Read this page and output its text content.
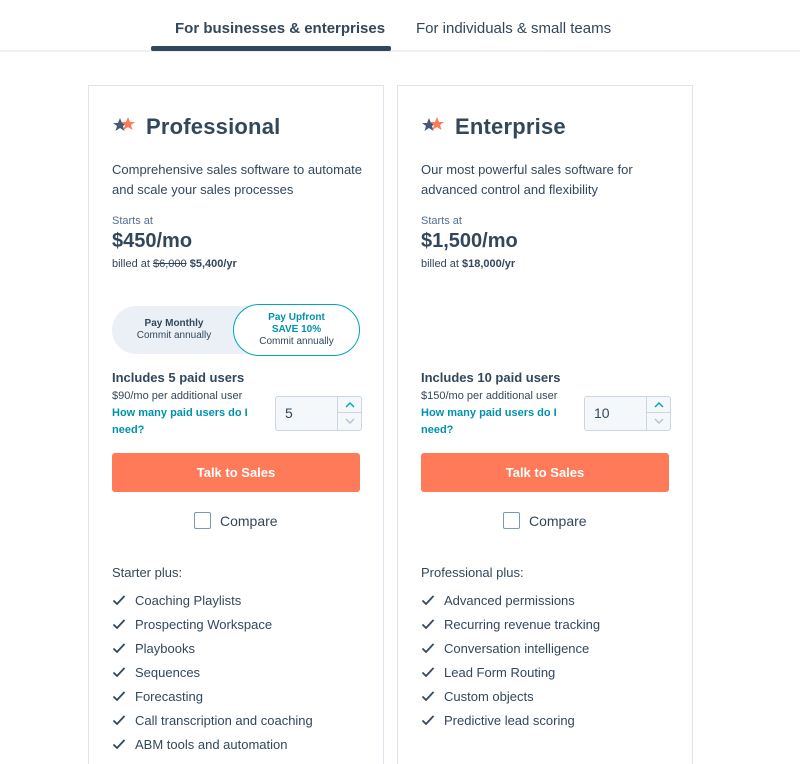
For businesses & enterprises For individuals & small teams
Professional
Comprehensive sales software to automate and scale your sales processes
Starts at
$450/mo
billed at $6,000 $5,400/yr
Pay Monthly
Commit annually
Pay Upfront
SAVE 10%
Commit annually
Includes 5 paid users
$90/mo per additional user
How many paid users do I need?
5
Talk to Sales
Compare
Starter plus:
Coaching Playlists
Prospecting Workspace
Playbooks
Sequences
Forecasting
Call transcription and coaching
ABM tools and automation
Enterprise
Our most powerful sales software for advanced control and flexibility
Starts at
$1,500/mo
billed at $18,000/yr
Includes 10 paid users
$150/mo per additional user
How many paid users do I need?
10
Talk to Sales
Compare
Professional plus:
Advanced permissions
Recurring revenue tracking
Conversation intelligence
Lead Form Routing
Custom objects
Predictive lead scoring
